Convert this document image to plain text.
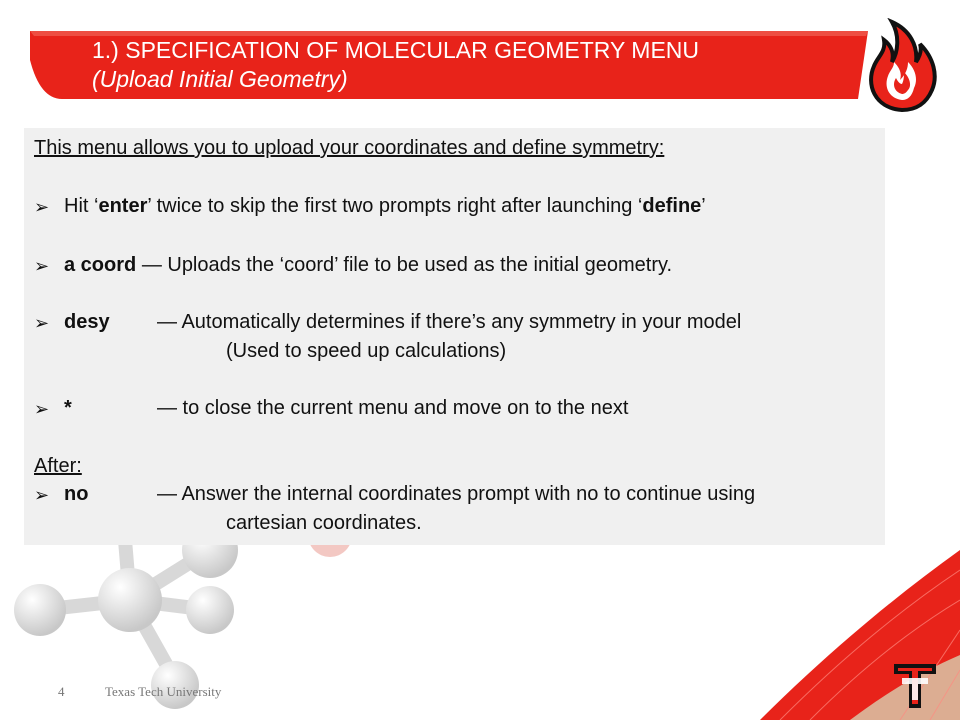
1.) SPECIFICATION OF MOLECULAR GEOMETRY MENU
(Upload Initial Geometry)
This menu allows you to upload your coordinates and define symmetry:
➢ Hit ‘enter’ twice to skip the first two prompts right after launching ‘define’
➢ a coord — Uploads the ‘coord’ file to be used as the initial geometry.
➢ desy — Automatically determines if there’s any symmetry in your model
(Used to speed up calculations)
➢ *	— to close the current menu and move on to the next
After:
➢ no	— Answer the internal coordinates prompt with no to continue using
cartesian coordinates.
4	Texas Tech University
